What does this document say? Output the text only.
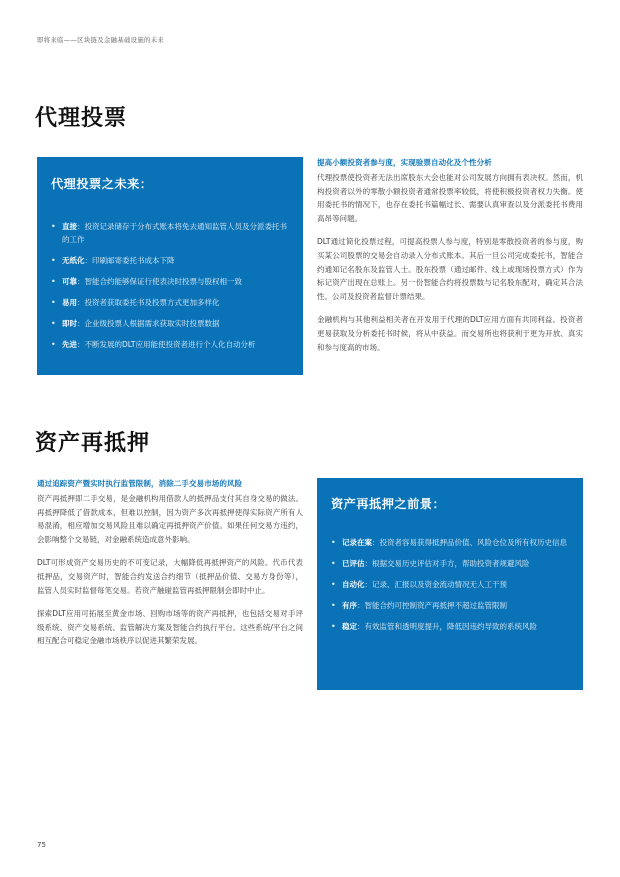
即将来临——区块链及金融基础设施的未来
代理投票
代理投票之未来：
• 直接：投资记录储存于分布式账本将免去通知监管人员及分派委托书的工作
• 无纸化：印刷邮寄委托书成本下降
• 可靠：智能合约能够保证行使表决时投票与股权相一致
• 易用：投资者获取委托书及投票方式更加多样化
• 即时：企业级投票人根据需求获取实时投票数据
• 先进：不断发展的DLT应用能使投资者进行个人化自动分析
提高小额投资者参与度，实现验票自动化及个性分析

代理投票使投资者无法出席股东大会也能对公司发展方向拥有表决权。然而，机构投资者以外的零散小额投资者通常投票率较低，将使积极投资者权力失衡。使用委托书的情况下，也存在委托书篇幅过长、需要认真审查以及分派委托书费用高昂等问题。

DLT通过简化投票过程，可提高投票人参与度，特别是零散投资者的参与度，购买某公司股票的交易会自动录入分布式账本。其后一旦公司完成委托书，智能合约通知记名股东及监管人士。股东投票（通过邮件、线上或现场投票方式）作为标记资产出现在总账上。另一份智能合约将投票数与记名股东配对，确定其合法性。公司及投资者监督计票结果。

金融机构与其他利益相关者在开发用于代理的DLT应用方面有共同利益。投资者更易获取及分析委托书时候，将从中获益。而交易所也将获利于更为开放、真实和参与度高的市场。

资产再抵押
通过追踪资产暨实时执行监管限制，消除二手交易市场的风险

资产再抵押即二手交易，是金融机构用借款人的抵押品支付其自身交易的做法。再抵押降低了借款成本，但难以控制，因为资产多次再抵押使得实际资产所有人易混淆，相应增加交易风险且难以确定再抵押资产价值。如果任何交易方违约，会影响整个交易链，对金融系统造成意外影响。

DLT可形成资产交易历史的不可变记录，大幅降低再抵押资产的风险。代币代表抵押品，交易资产时，智能合约发送合约细节（抵押品价值、交易方身份等），监管人员实时监督每笔交易。若资产触碰监管再抵押限制会即时中止。

探索DLT应用可拓展至黄金市场、回购市场等的资产再抵押，也包括交易对手评级系统、资产交易系统、监管解决方案及智能合约执行平台。这些系统/平台之间相互配合可稳定金融市场秩序以促进其繁荣发展。

资产再抵押之前景：
• 记录在案：投资者容易获得抵押品价值、风险仓位及所有权历史信息
• 已评估：根据交易历史评估对手方，帮助投资者规避风险
• 自动化：记录、汇报以及资金流动情况无人工干预
• 有序：智能合约可控制资产再抵押不超过监管限制
• 稳定：有效监管和透明度提升，降低因违约导致的系统风险
75
